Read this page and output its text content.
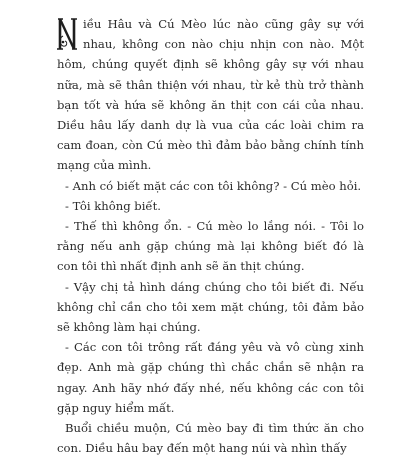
iều Hâu và Cú Mèo lúc nào cũng gây sự với nhau, không con nào chịu nhịn con nào. Một hôm, chúng quyết định sẽ không gây sự với nhau nữa, mà sẽ thân thiện với nhau, từ kẻ thù trở thành bạn tốt và hứa sẽ không ăn thịt con cái của nhau. Diều hâu lấy danh dự là vua của các loài chim ra cam đoan, còn Cú mèo thì đảm bảo bằng chính tính mạng của mình.

- Anh có biết mặt các con tôi không? - Cú mèo hỏi.

- Tôi không biết.

- Thế thì không ổn. - Cú mèo lo lắng nói. - Tôi lo rằng nếu anh gặp chúng mà lại không biết đó là con tôi thì nhất định anh sẽ ăn thịt chúng.

- Vậy chị tả hình dáng chúng cho tôi biết đi. Nếu không chỉ cần cho tôi xem mặt chúng, tôi đảm bảo sẽ không làm hại chúng.

- Các con tôi trông rất đáng yêu và vô cùng xinh đẹp. Anh mà gặp chúng thì chắc chắn sẽ nhận ra ngay. Anh hãy nhớ đấy nhé, nếu không các con tôi gặp nguy hiểm mất.

Buổi chiều muộn, Cú mèo bay đi tìm thức ăn cho con. Diều hâu bay đến một hang núi và nhìn thấy
